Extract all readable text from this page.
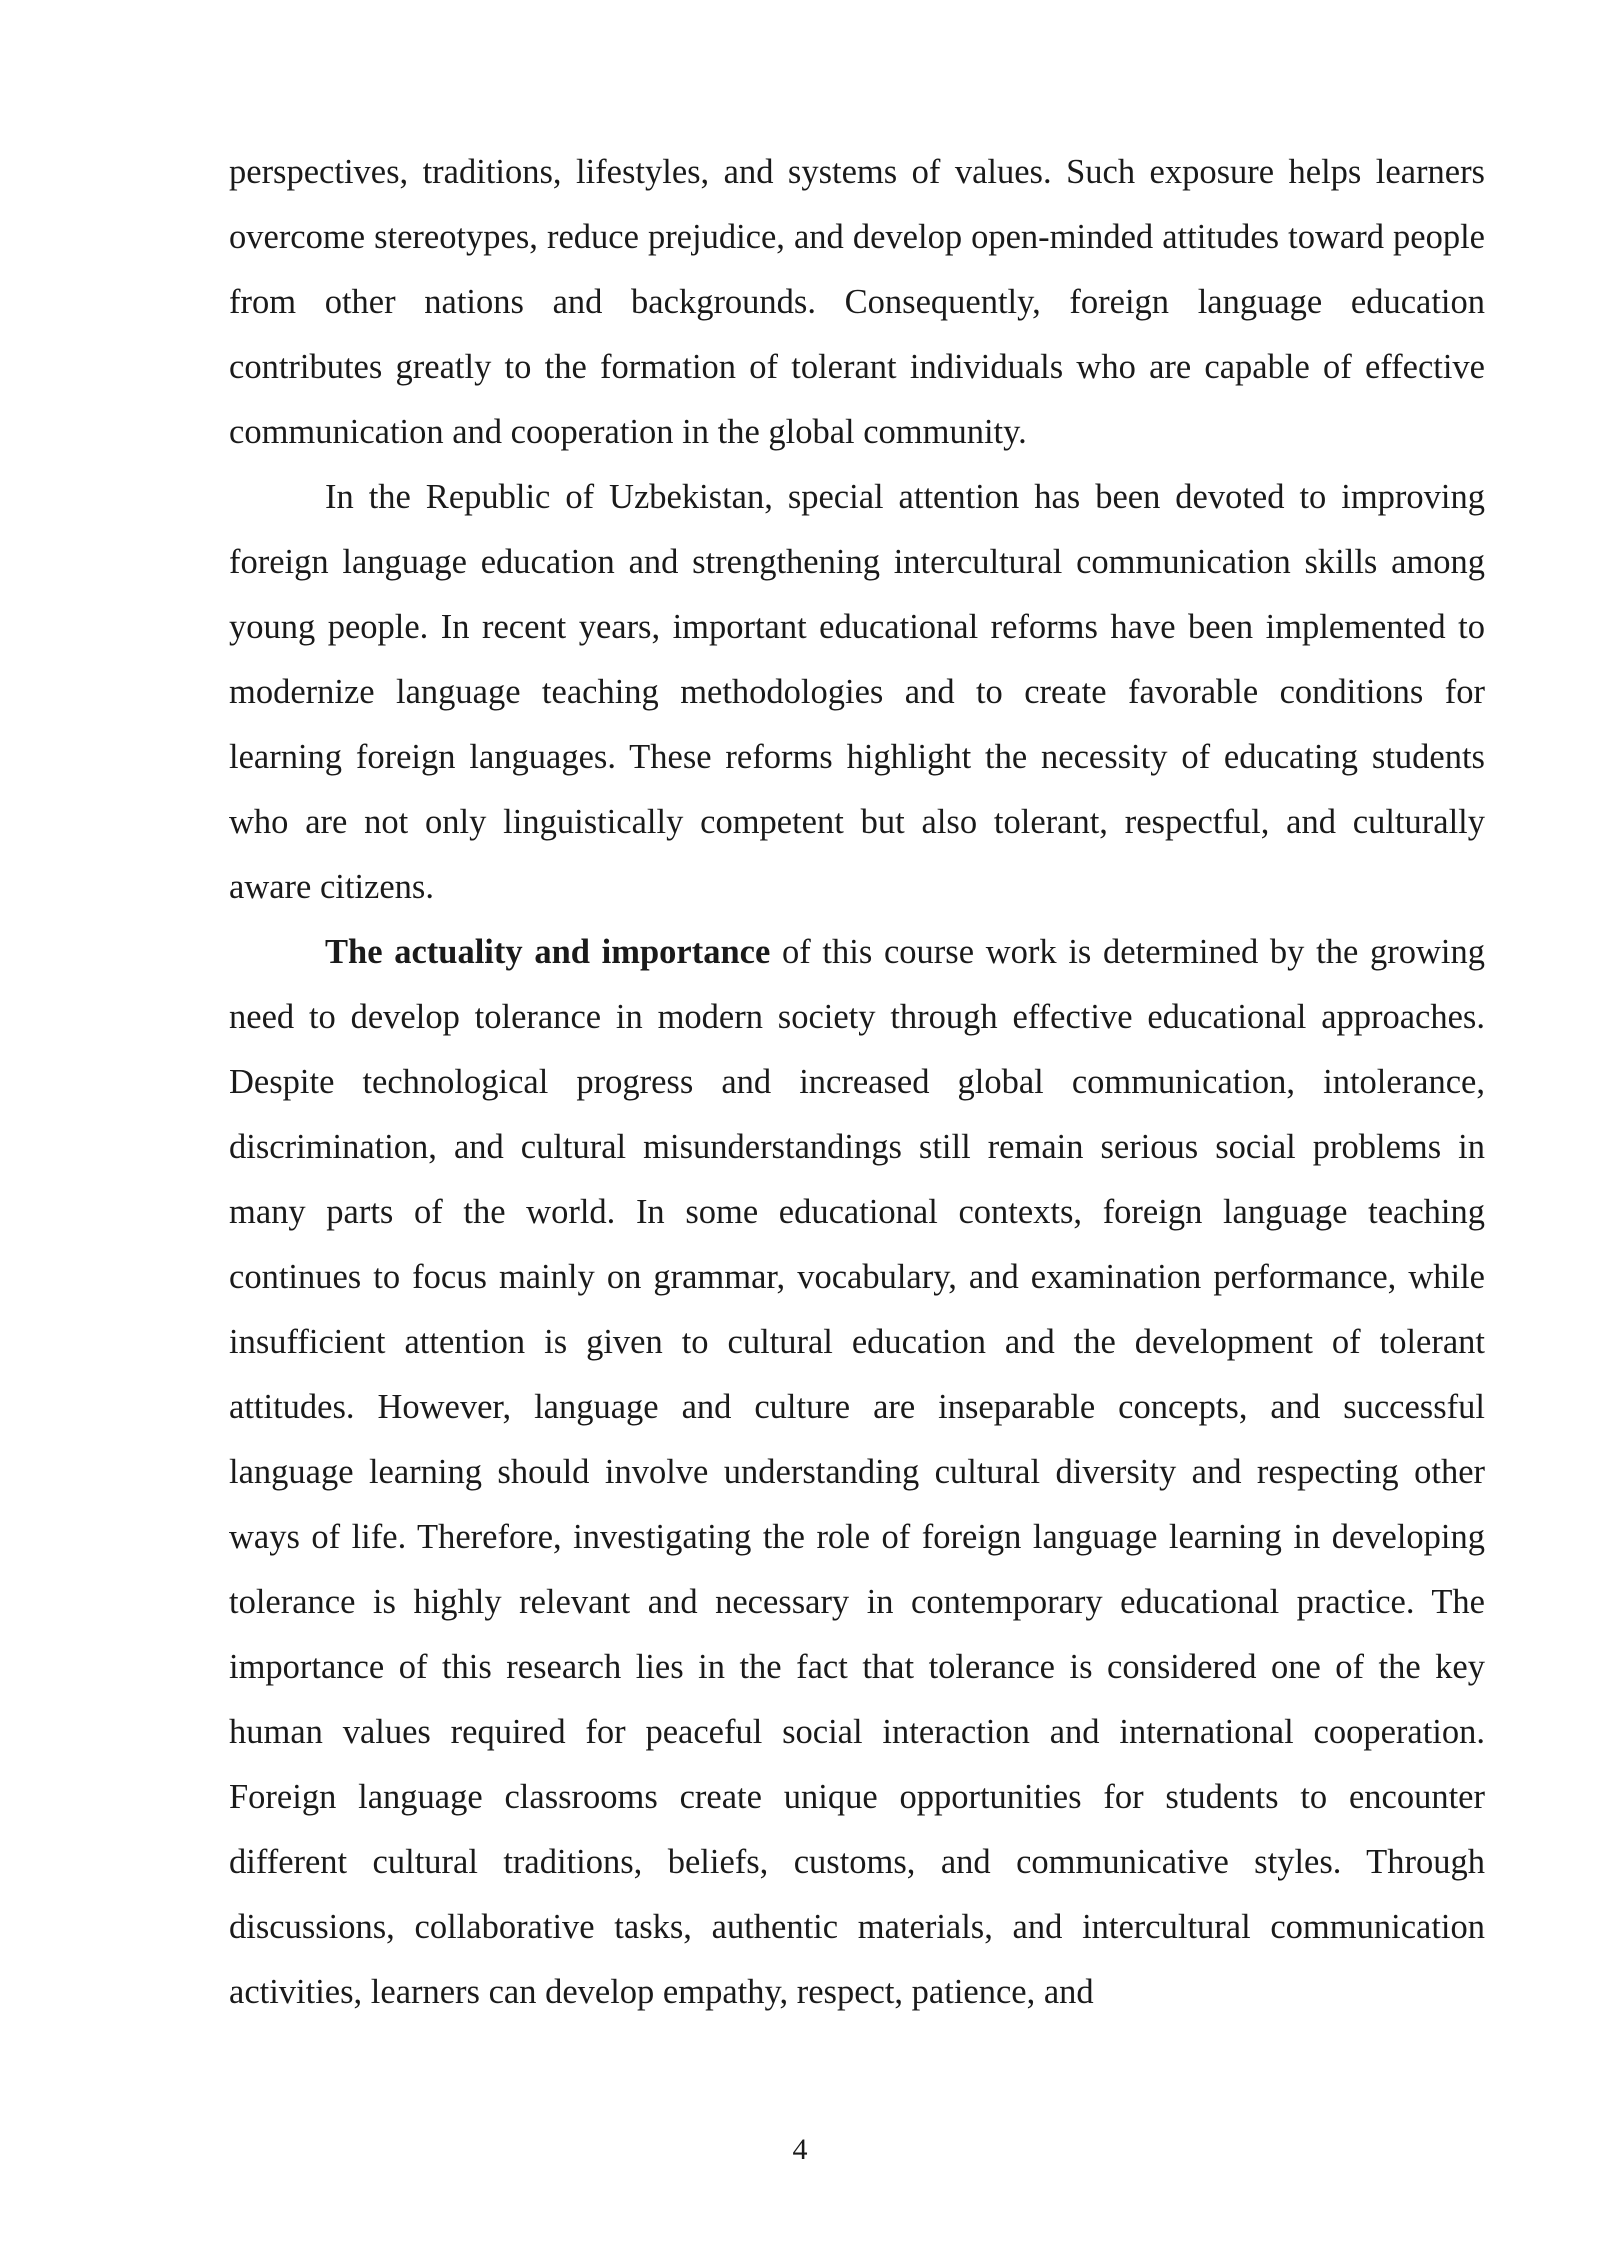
perspectives, traditions, lifestyles, and systems of values. Such exposure helps learners overcome stereotypes, reduce prejudice, and develop open-minded attitudes toward people from other nations and backgrounds. Consequently, foreign language education contributes greatly to the formation of tolerant individuals who are capable of effective communication and cooperation in the global community.

In the Republic of Uzbekistan, special attention has been devoted to improving foreign language education and strengthening intercultural communication skills among young people. In recent years, important educational reforms have been implemented to modernize language teaching methodologies and to create favorable conditions for learning foreign languages. These reforms highlight the necessity of educating students who are not only linguistically competent but also tolerant, respectful, and culturally aware citizens.

The actuality and importance of this course work is determined by the growing need to develop tolerance in modern society through effective educational approaches. Despite technological progress and increased global communication, intolerance, discrimination, and cultural misunderstandings still remain serious social problems in many parts of the world. In some educational contexts, foreign language teaching continues to focus mainly on grammar, vocabulary, and examination performance, while insufficient attention is given to cultural education and the development of tolerant attitudes. However, language and culture are inseparable concepts, and successful language learning should involve understanding cultural diversity and respecting other ways of life. Therefore, investigating the role of foreign language learning in developing tolerance is highly relevant and necessary in contemporary educational practice. The importance of this research lies in the fact that tolerance is considered one of the key human values required for peaceful social interaction and international cooperation. Foreign language classrooms create unique opportunities for students to encounter different cultural traditions, beliefs, customs, and communicative styles. Through discussions, collaborative tasks, authentic materials, and intercultural communication activities, learners can develop empathy, respect, patience, and

4
